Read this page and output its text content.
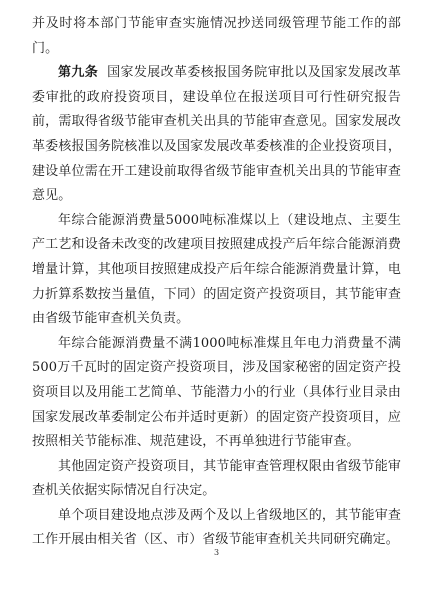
并及时将本部门节能审查实施情况抄送同级管理节能工作的部门。

第九条 国家发展改革委核报国务院审批以及国家发展改革委审批的政府投资项目，建设单位在报送项目可行性研究报告前，需取得省级节能审查机关出具的节能审查意见。国家发展改革委核报国务院核准以及国家发展改革委核准的企业投资项目，建设单位需在开工建设前取得省级节能审查机关出具的节能审查意见。

年综合能源消费量5000吨标准煤以上（建设地点、主要生产工艺和设备未改变的改建项目按照建成投产后年综合能源消费增量计算，其他项目按照建成投产后年综合能源消费量计算，电力折算系数按当量值，下同）的固定资产投资项目，其节能审查由省级节能审查机关负责。

年综合能源消费量不满1000吨标准煤且年电力消费量不满500万千瓦时的固定资产投资项目，涉及国家秘密的固定资产投资项目以及用能工艺简单、节能潜力小的行业（具体行业目录由国家发展改革委制定公布并适时更新）的固定资产投资项目，应按照相关节能标准、规范建设，不再单独进行节能审查。

其他固定资产投资项目，其节能审查管理权限由省级节能审查机关依据实际情况自行决定。

单个项目建设地点涉及两个及以上省级地区的，其节能审查工作开展由相关省（区、市）省级节能审查机关共同研究确定。

3
